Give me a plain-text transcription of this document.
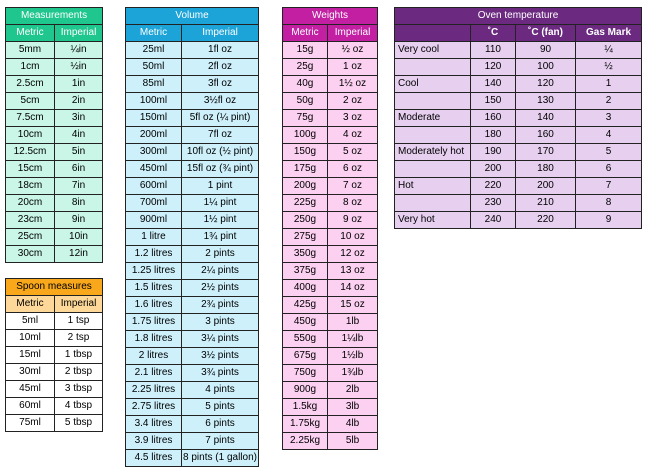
Measurements	
Metric	Imperial
5mm	¼in
1cm	½in
2.5cm	1in
5cm	2in
7.5cm	3in
10cm	4in
12.5cm	5in
15cm	6in
18cm	7in
20cm	8in
23cm	9in
25cm	10in
30cm	12in
Spoon measures	
Metric	Imperial
5ml	1 tsp
10ml	2 tsp
15ml	1 tbsp
30ml	2 tbsp
45ml	3 tbsp
60ml	4 tbsp
75ml	5 tbsp
Volume	
Metric	Imperial
25ml	1fl oz
50ml	2fl oz
85ml	3fl oz
100ml	3½fl oz
150ml	5fl oz (¼ pint)
200ml	7fl oz
300ml	10fl oz (½ pint)
450ml	15fl oz (¾ pint)
600ml	1 pint
700ml	1¼ pint
900ml	1½ pint
1 litre	1¾ pint
1.2 litres	2 pints
1.25 litres	2¼ pints
1.5 litres	2½ pints
1.6 litres	2¾ pints
1.75 litres	3 pints
1.8 litres	3¼ pints
2 litres	3½ pints
2.1 litres	3¾ pints
2.25 litres	4 pints
2.75 litres	5 pints
3.4 litres	6 pints
3.9 litres	7 pints
4.5 litres	8 pints (1 gallon)
Weights	
Metric	Imperial
15g	½ oz
25g	1 oz
40g	1½ oz
50g	2 oz
75g	3 oz
100g	4 oz
150g	5 oz
175g	6 oz
200g	7 oz
225g	8 oz
250g	9 oz
275g	10 oz
350g	12 oz
375g	13 oz
400g	14 oz
425g	15 oz
450g	1lb
550g	1¼lb
675g	1½lb
750g	1¾lb
900g	2lb
1.5kg	3lb
1.75kg	4lb
2.25kg	5lb
Oven temperature			
	˚C	˚C (fan)	Gas Mark
Very cool	110	90	¼
	120	100	½
Cool	140	120	1
	150	130	2
Moderate	160	140	3
	180	160	4
Moderately hot	190	170	5
	200	180	6
Hot	220	200	7
	230	210	8
Very hot	240	220	9
